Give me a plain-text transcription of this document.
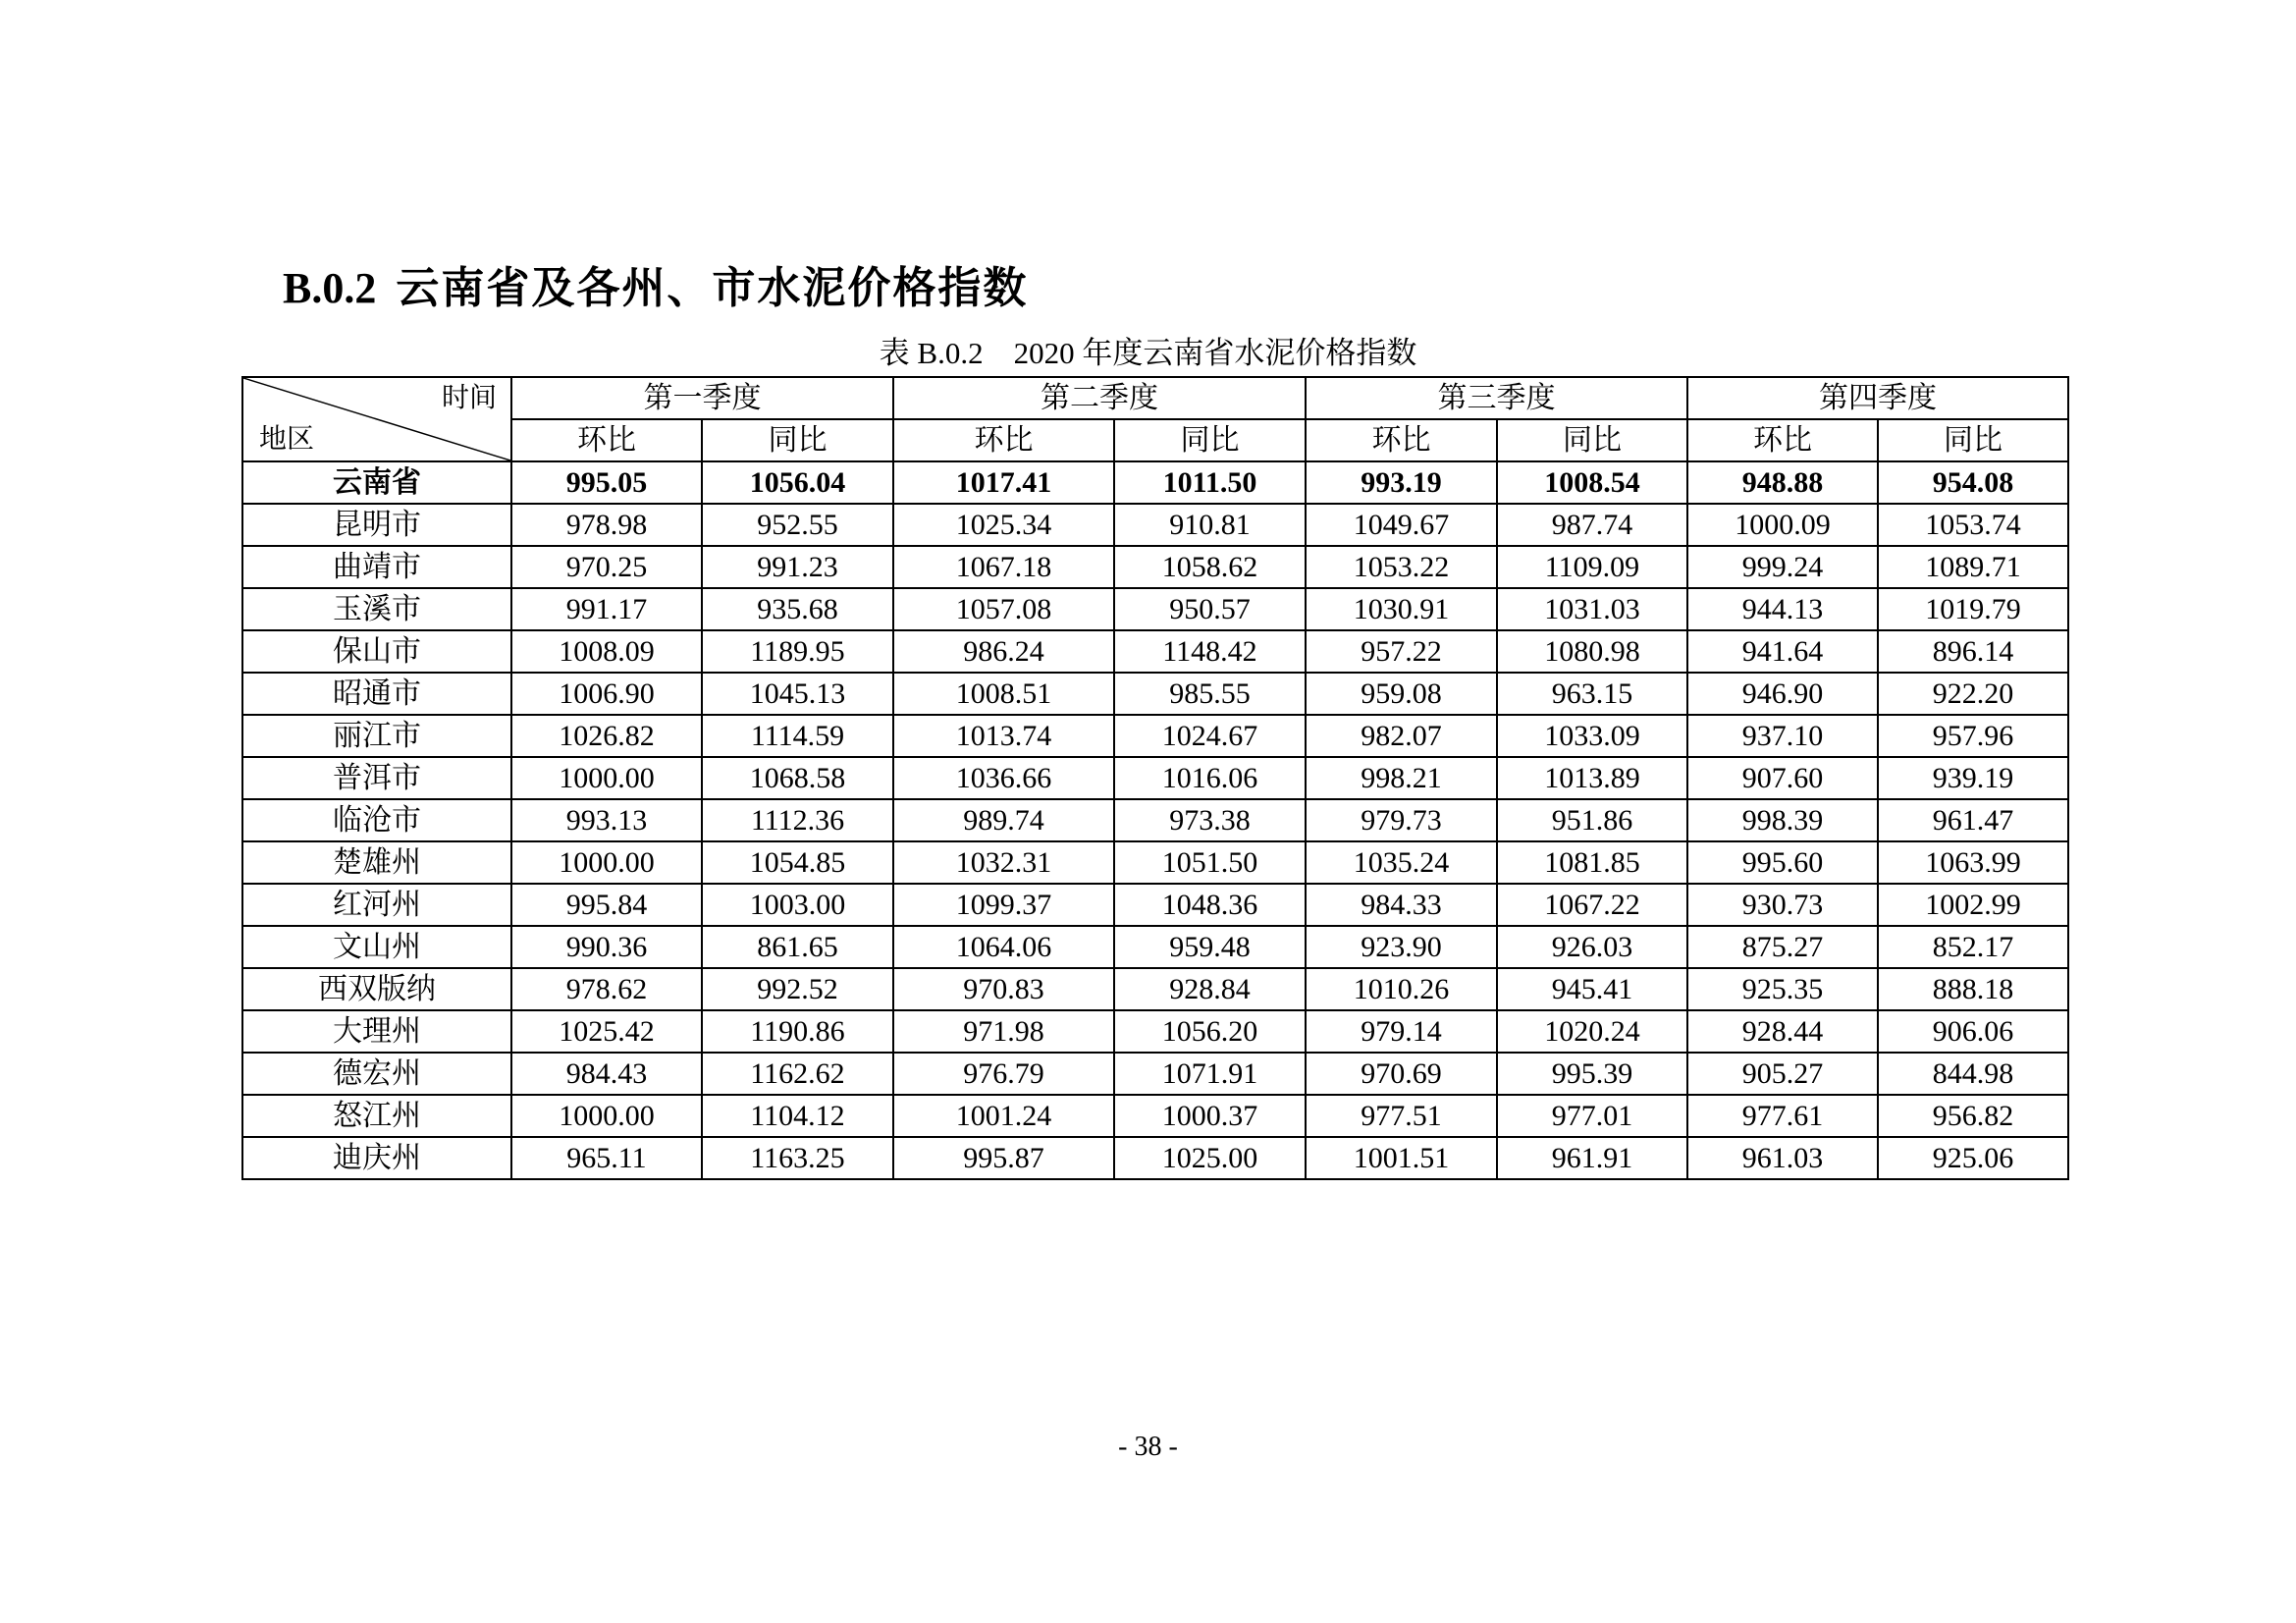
B.0.2 云南省及各州、市水泥价格指数
表 B.0.2    2020 年度云南省水泥价格指数
时间
地区	第一季度		第二季度		第三季度		第四季度	
	环比	同比	环比	同比	环比	同比	环比	同比
云南省	995.05	1056.04	1017.41	1011.50	993.19	1008.54	948.88	954.08
昆明市	978.98	952.55	1025.34	910.81	1049.67	987.74	1000.09	1053.74
曲靖市	970.25	991.23	1067.18	1058.62	1053.22	1109.09	999.24	1089.71
玉溪市	991.17	935.68	1057.08	950.57	1030.91	1031.03	944.13	1019.79
保山市	1008.09	1189.95	986.24	1148.42	957.22	1080.98	941.64	896.14
昭通市	1006.90	1045.13	1008.51	985.55	959.08	963.15	946.90	922.20
丽江市	1026.82	1114.59	1013.74	1024.67	982.07	1033.09	937.10	957.96
普洱市	1000.00	1068.58	1036.66	1016.06	998.21	1013.89	907.60	939.19
临沧市	993.13	1112.36	989.74	973.38	979.73	951.86	998.39	961.47
楚雄州	1000.00	1054.85	1032.31	1051.50	1035.24	1081.85	995.60	1063.99
红河州	995.84	1003.00	1099.37	1048.36	984.33	1067.22	930.73	1002.99
文山州	990.36	861.65	1064.06	959.48	923.90	926.03	875.27	852.17
西双版纳	978.62	992.52	970.83	928.84	1010.26	945.41	925.35	888.18
大理州	1025.42	1190.86	971.98	1056.20	979.14	1020.24	928.44	906.06
德宏州	984.43	1162.62	976.79	1071.91	970.69	995.39	905.27	844.98
怒江州	1000.00	1104.12	1001.24	1000.37	977.51	977.01	977.61	956.82
迪庆州	965.11	1163.25	995.87	1025.00	1001.51	961.91	961.03	925.06
- 38 -
